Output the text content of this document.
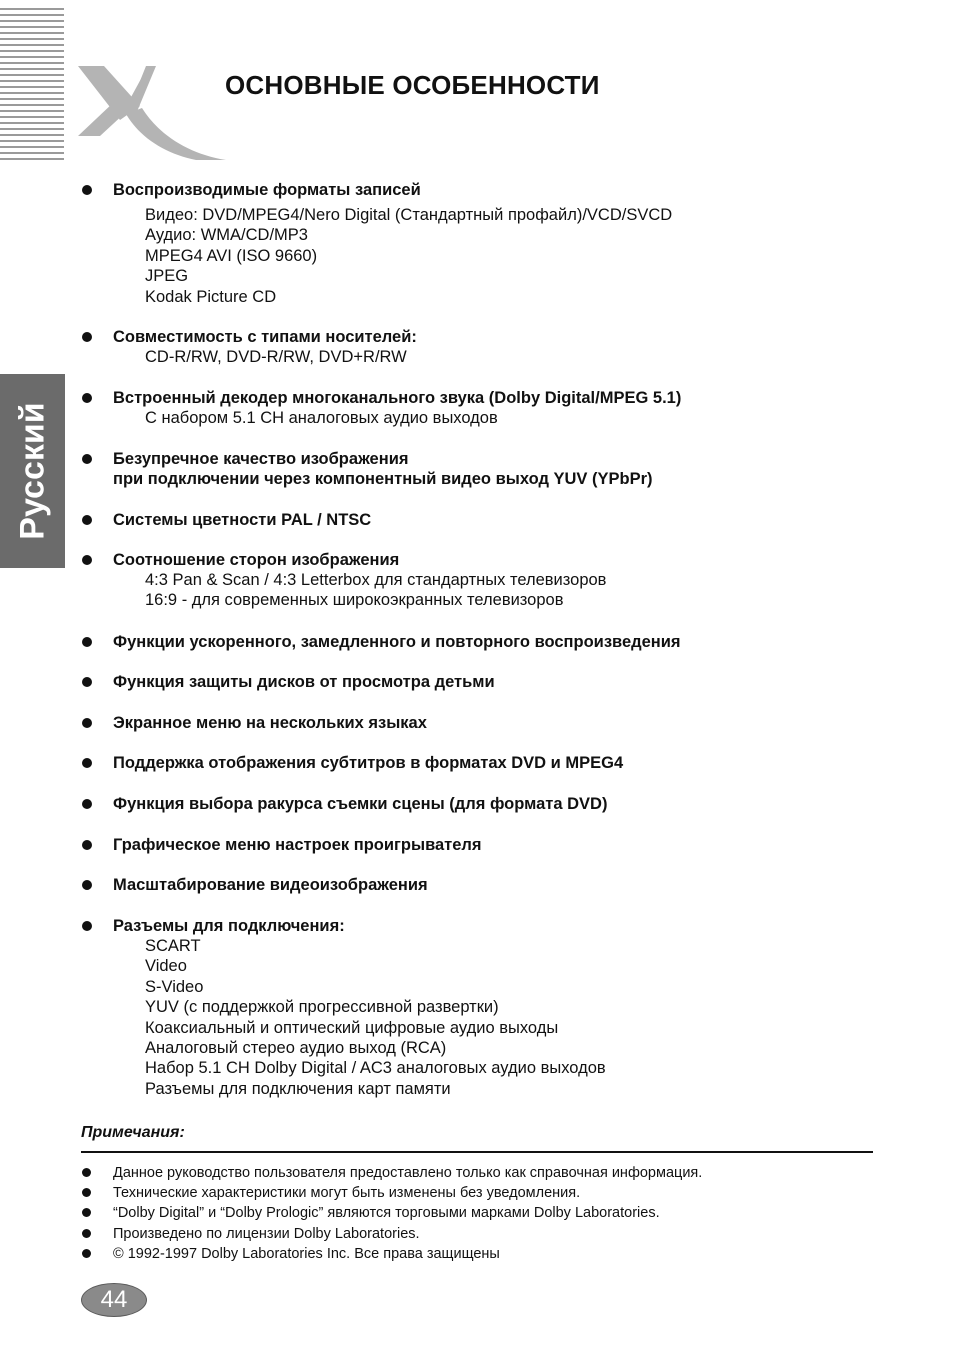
ОСНОВНЫЕ ОСОБЕННОСТИ
Русский
Воспроизводимые форматы записей
Видео: DVD/MPEG4/Nero Digital (Стандартный профайл)/VCD/SVCD
Аудио: WMA/CD/MP3
MPEG4 AVI (ISO 9660)
JPEG
Kodak Picture CD
Совместимость с типами носителей:
CD-R/RW, DVD-R/RW, DVD+R/RW
Встроенный декодер многоканального звука (Dolby Digital/MPEG 5.1)
С набором 5.1 CH аналоговых аудио выходов
Безупречное качество изображения
при подключении через компонентный видео выход YUV (YPbPr)
Системы цветности PAL / NTSC
Соотношение сторон изображения
4:3 Pan & Scan / 4:3 Letterbox для стандартных телевизоров
16:9 - для современных широкоэкранных телевизоров
Функции ускоренного, замедленного и повторного воспроизведения
Функция защиты дисков от просмотра детьми
Экранное меню на нескольких языках
Поддержка отображения субтитров в форматах DVD и MPEG4
Функция выбора ракурса съемки сцены (для формата DVD)
Графическое меню настроек проигрывателя
Масштабирование видеоизображения
Разъемы для подключения:
SCART
Video
S-Video
YUV (с поддержкой прогрессивной развертки)
Коаксиальный и оптический цифровые аудио выходы
Аналоговый стерео аудио выход (RCA)
Набор 5.1 CH Dolby Digital / AC3 аналоговых аудио выходов
Разъемы для подключения карт памяти
Примечания:
Данное руководство пользователя предоставлено только как справочная информация.
Технические характеристики могут быть изменены без уведомления.
“Dolby Digital” и “Dolby Prologic” являются торговыми марками Dolby Laboratories.
Произведено по лицензии Dolby Laboratories.
© 1992-1997 Dolby Laboratories Inc. Все права защищены
44
